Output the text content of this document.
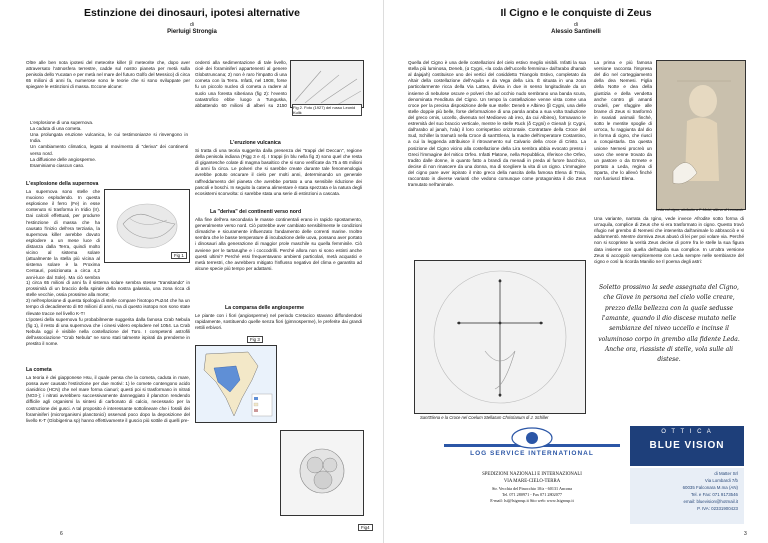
Estinzione dei dinosauri, ipotesi alternative
di
Pierluigi Strongia

Oltre alle ben nota ipotesi del meteorite killer (il meteorite che, dopo aver attraversato l'atmosfera terrestre, cadde sul nostro pianeta per metà sulla penisola dello Yucatan e per metà nel mare del futuro Golfo del Messico) di circa 65 milioni di anni fa, numerose sono le teorie che si sono sviluppate per spiegare le estinzioni di massa. Eccone alcune:

L'esplosione di una supernova.

La caduta di una cometa.

Una prolungata eruzione vulcanica, le cui testimonianze si rinvengono in India.

Un cambiamento climatico, legato al movimento di "deriva" dei continenti verso nord.

La diffusione delle angiosperme.

Esaminiamo ciascun caso.

L'esplosione della supernova

La supernova sono stelle che muoiono esplodendo. In questa esplosione il ferro (Fe) in esse contenuto si trasforma in Iridio (Ir). Dai calcoli effettuati, per produrre l'estinzione di massa che ha causato l'inizio dell'era terziaria, la supernova killer avrebbe dovuto esplodere a un mese luce di distanza dalla Terra, quindi molto vicino al sistema solare (attualmente la stella più vicina al sistema solare è la Proxima Centauri, posizionata a circa 4,2 anni-luce dal Sole). Ma ciò sembra

Fig 1

1) circa 65 milioni di anni fa il sistema solare sembra stesse "transitando" in prossimità di un braccio della spirale della nostra galassia, una zona ricca di stelle vecchie, ossia prossime alla morte;

2) nell'esplosione di questa tipologia di stelle compare l'isotopo Pu244 che ha un tempo di decadimento di 80 milioni di anni, ma di questo isotopo non sono state rilevate tracce nel livello K-T!

L'ipotesi della supernova fu probabilmente suggerita dalla famosa Crab Nebula (fig 1), il resto di una supernova che i cinesi videro esplodere nel 1054. La Crab Nebula oggi è visibile nella costellazione del Toro. I competenti astrofili dell'associazione "Crab Nebula" ne sono stati talmente ispirati da prenderne in prestito il nome.

La cometa

La teoria è dei giapponese Hsu, il quale pensa che la cometa, caduta in mare, possa aver causato l'estinzione per due motivi: 1) le comete contengono acido cianidrico (HCN) che nel mare forma cianuri; questi poi si trasformano in nitrati (NO3-); i nitrati avrebbero successivamente danneggiato il plancton rendendo difficile agli organismi la sintesi di carbonato di calcio, necessario per la costruzione dei gusci. A tal proposito è interessante sottolineare che i fossili dei foraminiferi (microrganismi planctonici) osservati poco dopo la deposizione del livello K-T (Globigerina sp) hanno effettivamente il guscio più sottile di quelli pre-

cedenti alla sedimentazione di tale livello, cioè dei foraminiferi appartenenti al genere Globotruncana; 2) non è raro l'impatto di una cometa con la Terra. Infatti, nel 1908, forse fu un piccolo nucleo di cometa a radere al suolo una foresta siberiana (fig 2): l'evento catastrofico ebbe luogo a Tunguska, abbattendo 60 milioni di alberi su 2150 Fig 2. Foto (1927) del russo Leonid Kulik
L'eruzione vulcanica

Si tratta di una teoria suggerita dalla presenza dei "trappi del Deccan", regione della penisola indiana (Figg 3 e 4). I trappi (in blu nella fig 3) sono quel che resta di gigantesche colate di magma basaltico che si sono verificate da 75 a 65 milioni di anni fa circa. Le polveri che si sarebbe create durante tale fenomenologia avrebbe potuto oscurare il cielo per molti anni, determinando un generale raffreddamento del pianeta che avrebbe portato a una sensibile riduzione dei pascoli e boschi. In seguito la catena alimentare è stata spezzata e la natura degli ecosistemi sconvolta: ci sarebbe stata una serie di estinzioni a cascata.

La "deriva" dei continenti verso nord

Alla fine dell'era secondaria le masse continentali erano in rapido spostamento, generalmente verso nord. Ciò potrebbe aver cambiato sensibilmente le condizioni climatiche e sicuramente influenzato l'andamento delle correnti marine. Inoltre sembra che le basse temperature di incubazione delle uova, possano aver portato i dinosauri alla generazione di maggior prole maschile su quella femminile. Ciò avviene per le tartarughe e i coccodrilli. Perché allora non si sono estinti anche questi ultimi? Perché essi frequentavano ambienti particolari, metà acquatici e metà terrestri, che avrebbero mitigato l'influsso negativo del clima e garantito ad alcune specie più tempo per adattarsi.

La comparsa delle angiosperme

Le piante con i fiori (angiosperme) nel periodo Cretacico stavano diffondendosi rapidamente, sostituendo quelle senza fiori (gimnosperme), le preferite dai grandi rettili erbivori.

Fig 3
Fig4
6
Il Cigno e le conquiste di Zeus
di
Alessio Santinelli

Quella del Cigno è una delle costellazioni del cielo estivo meglio visibili. Infatti la sua stella più luminosa, Deneb, (α Cygni, «la coda dell'uccello femmina» dall'arabo dhanab al dajajah) costituisce uno dei vertici del cosiddetto Triangolo Estivo, completato da Altair della costellazione dell'Aquila e da Vega della Lira. È situata in una zona particolarmente ricca della Via Lattea, divisa in due in senso longitudinale da un insieme di nebulose oscure e polveri che ad occhio nudo sembrano una banda scura, denominata Fenditura del Cigno. Un tempo la costellazione venne vista come una croce per la precisa disposizione delle sue stelle: Deneb e Albireo (β Cygni, una delle stelle doppie più belle, forse deformazione di una parola araba a sua volta traduzione del greco ornis, uccello, divenuta nel Medioevo ab ireo, da cui Albireo), formavano le estremità del suo braccio verticale, mentre le stelle Ruck (δ Cygni) e Gienah (ε Cygni, dall'arabo al janah, l'ala) il loro corrispettivo orizzontale. Contrattare della Croce del Sud, Schiller la tramutò nella Croce di sant'Elena, la madre dell'imperatore Costantino, a cui la leggenda attribuisce il ritrovamento sul Calvario della croce di Cristo. La posizione del Cigno vicino alla costellazione della Lira sembra abbia evocato presso i Greci l'immagine del mitico Orfeo. Infatti Platone, nella Repubblica, riferisce che Orfeo, tradito dalle donne, in quanto fatto a brandi da menadi in preda al furore bacchico, decise di non rinascere da una donna, ma di scegliere la vita di un cigno. L'immagine del cigno pare aver ispirato il mito greco della nascita della famosa Elena di Troia, raccontato in diverse varianti che vedono comunque come protagonista il dio Zeus tramutato nell'animale.

Sant'Elena e la Croce nel Coelum Stellatum Christianum di J. Schiller

La prima e più famosa versione racconta l'impresa del dio nel corteggiamento della dea Nemesi. Figlia della Notte e dea della giustizia e della vendetta anche contro gli amanti crudeli, per sfuggire alle brame di Zeus si trasformò in svariati animali finché, sotto le mentite spoglie di un'oca, fu raggiunta dal dio in forma di cigno, che riuscì a conquistarla. Da questa unione Nemesi procreò un uovo che venne trovato da un pastore o da Ermete e portato a Leda, regina di Sparta, che lo allevò finché non fuoriuscì Elena.

Leda col cigno, attribuito a F. Melzi, allievo di Leonardo

Una variante, narrata da Igino, vede invece Afrodite sotto forma di un'aquila, complice di Zeus che si era trasformato in cigno. Questo trovò rifugio nel grembo di Nemesi che intenerita dall'animale lo abbracciò e si addormentò. Mentre dormiva Zeus abusò di lei per poi volare via. Perché non si scoprisse la verità Zeus decise di porre fra le stelle la sua figura data insieme con quella dell'aquila sua complice. In un'altra versione Zeus si accoppiò semplicemente con Leda sempre nelle sembianze del cigno e così la ricorda Manilio ne Il poema degli astri:

Soletto prossimo la sede assegnata del Cigno, che Giove in persona nel cielo volle creare, prezzo della bellezza con la quale sedusse l'amante, quando il dio discese mutato nelle sembianze del niveo uccello e incinse il voluminoso corpo in grembo alla fidente Leda. Anche ora, riassiste di stelle, vola sulle ali distese.
LOG SERVICE INTERNATIONAL
SPEDIZIONI NAZIONALI E INTERNAZIONALI
VIA MARE-CIELO-TERRA
Str. Vecchia del Pinocchio 10/a - 60131 Ancona
Tel. 071 280971 - Fax 071 2802077
E-mail: lsi@lsigroup.it Sito web: www.lsigroup.it
O T T I C A
BLUE VISION
di Matter Srl
Via Lombardi 7/b
60035 Falconara M.ma (AN)
Tel. e Fax: 071 9173546
email: bluevision@hotmail.it
P. IVA: 02331900423
3
